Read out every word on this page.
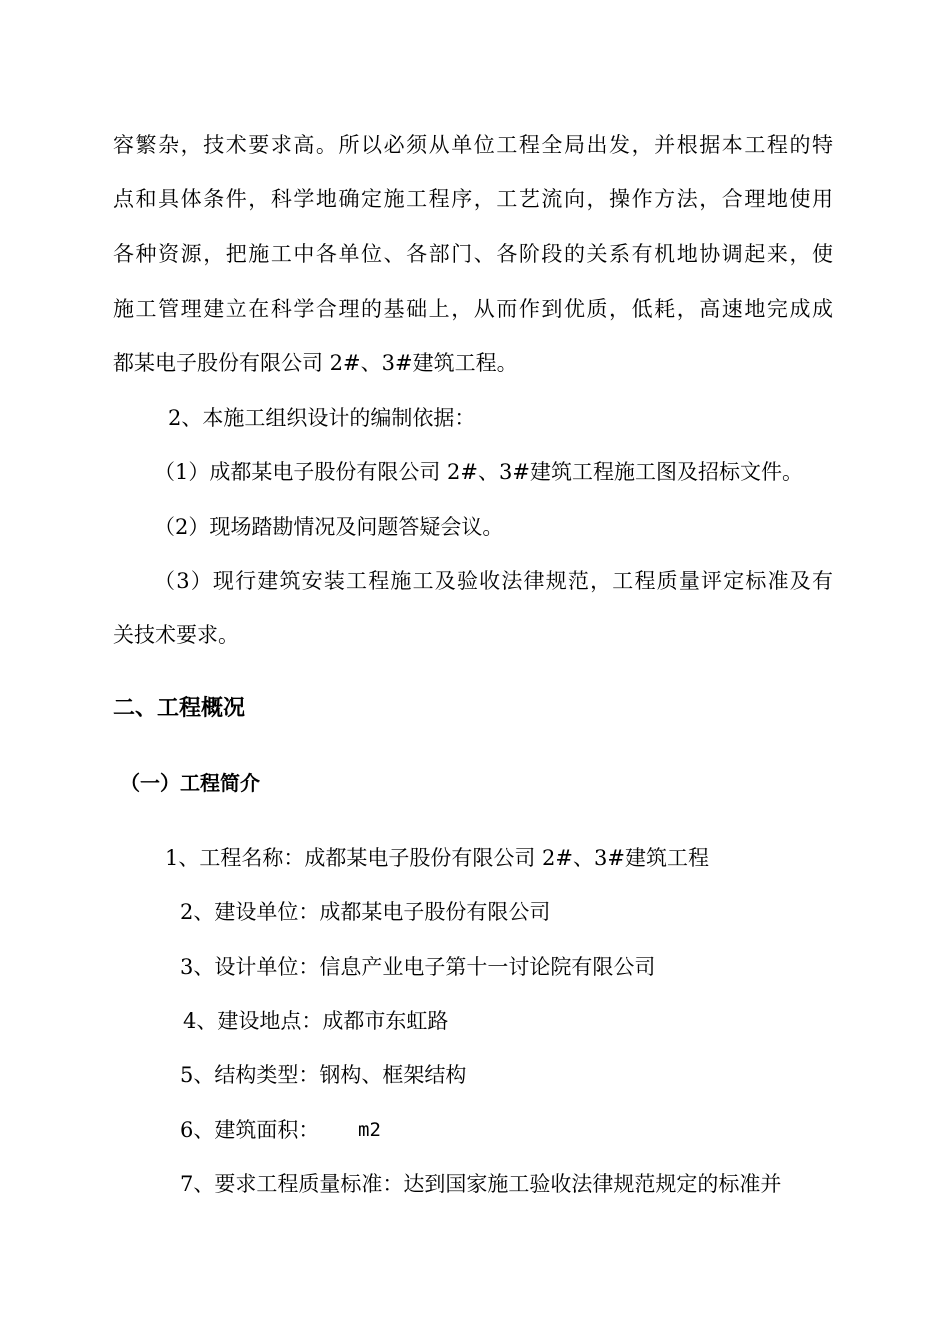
容繁杂，技术要求高。所以必须从单位工程全局出发，并根据本工程的特
点和具体条件，科学地确定施工程序，工艺流向，操作方法，合理地使用
各种资源，把施工中各单位、各部门、各阶段的关系有机地协调起来，使
施工管理建立在科学合理的基础上，从而作到优质，低耗，高速地完成成
都某电子股份有限公司 2#、3#建筑工程。
2、本施工组织设计的编制依据：
（1）成都某电子股份有限公司 2#、3#建筑工程施工图及招标文件。
（2）现场踏勘情况及问题答疑会议。
（3）现行建筑安装工程施工及验收法律规范，工程质量评定标准及有
关技术要求。
二、工程概况
（一）工程简介
1、工程名称：成都某电子股份有限公司 2#、3#建筑工程
2、建设单位：成都某电子股份有限公司
3、设计单位：信息产业电子第十一讨论院有限公司
4、建设地点：成都市东虹路
5、结构类型：钢构、框架结构
6、建筑面积： m2
7、要求工程质量标准：达到国家施工验收法律规范规定的标准并
